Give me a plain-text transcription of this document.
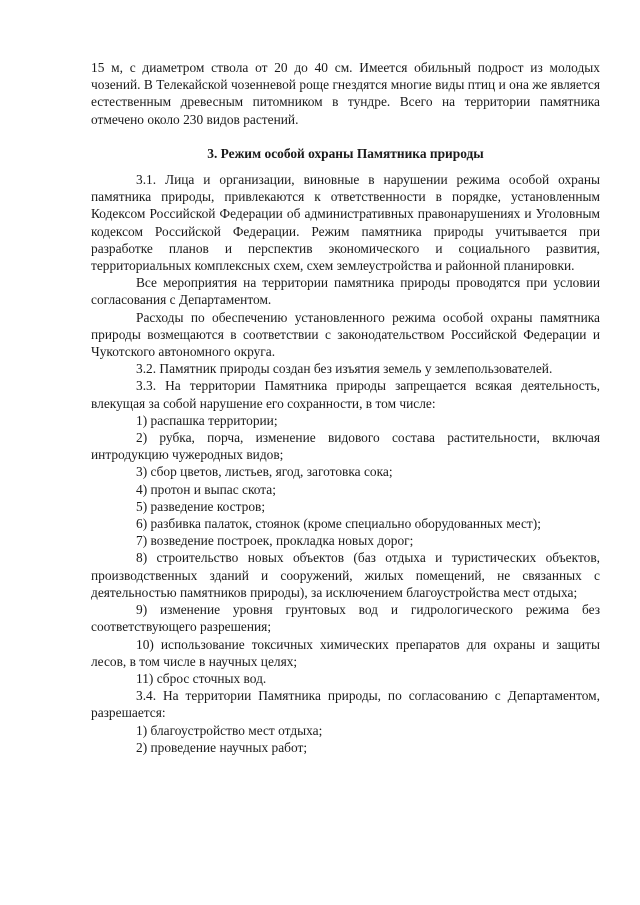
15 м, с диаметром ствола от 20 до 40 см. Имеется обильный подрост из молодых чозений. В Телекайской чозенневой роще гнездятся многие виды птиц и она же является естественным древесным питомником в тундре. Всего на территории памятника отмечено около 230 видов растений.

3. Режим особой охраны Памятника природы

3.1. Лица и организации, виновные в нарушении режима особой охраны памятника природы, привлекаются к ответственности в порядке, установленным Кодексом Российской Федерации об административных правонарушениях и Уголовным кодексом Российской Федерации. Режим памятника природы учитывается при разработке планов и перспектив экономического и социального развития, территориальных комплексных схем, схем землеустройства и районной планировки.

Все мероприятия на территории памятника природы проводятся при условии согласования с Департаментом.

Расходы по обеспечению установленного режима особой охраны памятника природы возмещаются в соответствии с законодательством Российской Федерации и Чукотского автономного округа.

3.2. Памятник природы создан без изъятия земель у землепользователей.

3.3. На территории Памятника природы запрещается всякая деятельность, влекущая за собой нарушение его сохранности, в том числе:

1) распашка территории;

2) рубка, порча, изменение видового состава растительности, включая интродукцию чужеродных видов;

3) сбор цветов, листьев, ягод, заготовка сока;

4) протон и выпас скота;

5) разведение костров;

6) разбивка палаток, стоянок (кроме специально оборудованных мест);

7) возведение построек, прокладка новых дорог;

8) строительство новых объектов (баз отдыха и туристических объектов, производственных зданий и сооружений, жилых помещений, не связанных с деятельностью памятников природы), за исключением благоустройства мест отдыха;

9) изменение уровня грунтовых вод и гидрологического режима без соответствующего разрешения;

10) использование токсичных химических препаратов для охраны и защиты лесов, в том числе в научных целях;

11) сброс сточных вод.

3.4. На территории Памятника природы, по согласованию с Департаментом, разрешается:

1) благоустройство мест отдыха;

2) проведение научных работ;
